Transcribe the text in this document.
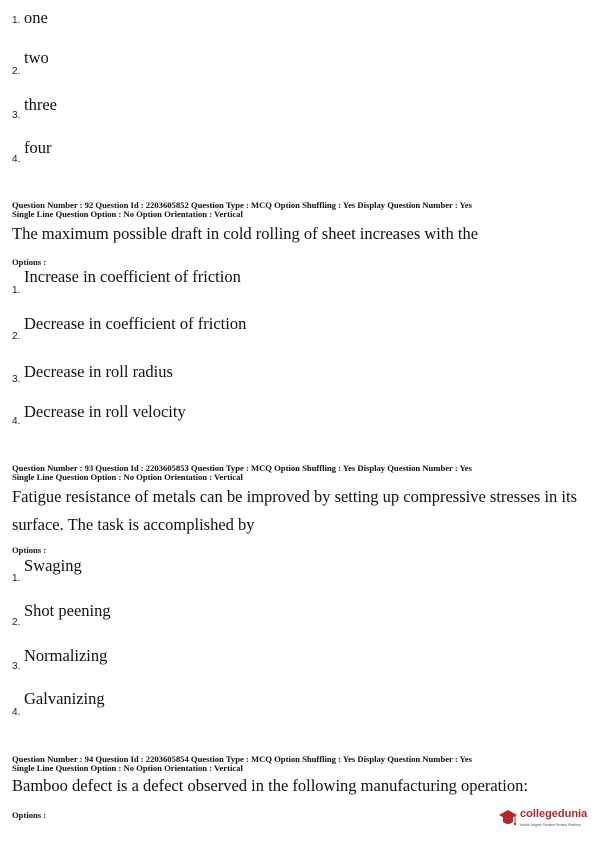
1. one
2.
two
3.
three
4.
four
Question Number : 92 Question Id : 2203605852 Question Type : MCQ Option Shuffling : Yes Display Question Number : Yes
Single Line Question Option : No Option Orientation : Vertical
The maximum possible draft in cold rolling of sheet increases with the
Options :
1.
Increase in coefficient of friction
2.
Decrease in coefficient of friction
3. Decrease in roll radius
4.
Decrease in roll velocity
Question Number : 93 Question Id : 2203605853 Question Type : MCQ Option Shuffling : Yes Display Question Number : Yes
Single Line Question Option : No Option Orientation : Vertical
Fatigue resistance of metals can be improved by setting up compressive stresses in its
surface. The task is accomplished by
Options :
1.
Swaging
2.
Shot peening
3.
Normalizing
4.
Galvanizing
Question Number : 94 Question Id : 2203605854 Question Type : MCQ Option Shuffling : Yes Display Question Number : Yes
Single Line Question Option : No Option Orientation : Vertical
Bamboo defect is a defect observed in the following manufacturing operation:
Options :	collegedunia
India's largest Student Review Platform
